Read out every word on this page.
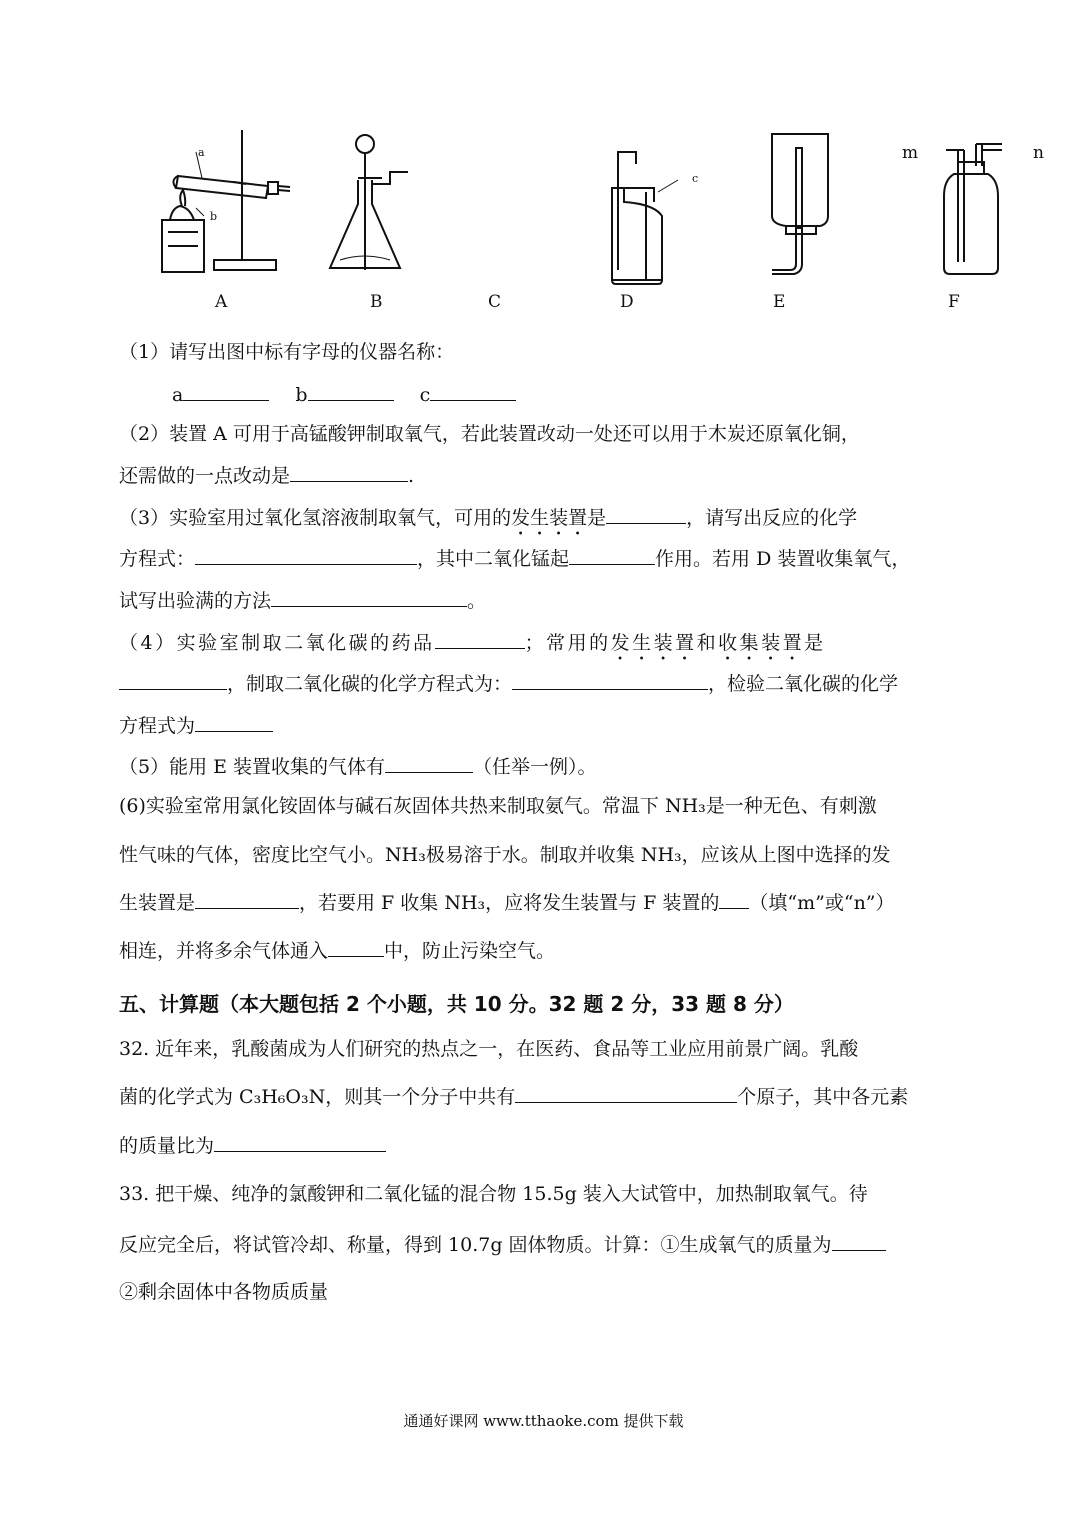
a
b
c
m	n
A	B	C	D	E	F
（1）请写出图中标有字母的仪器名称：
a	b	c
（2）装置 A 可用于高锰酸钾制取氧气，若此装置改动一处还可以用于木炭还原氧化铜，
还需做的一点改动是	.
（3）实验室用过氧化氢溶液制取氧气，可用的发生装置是	，请写出反应的化学
方程式：	，其中二氧化锰起	作用。若用 D 装置收集氧气，
试写出验满的方法	。
（4）实验室制取二氧化碳的药品	；常用的发生装置和收集装置是
，制取二氧化碳的化学方程式为：	，检验二氧化碳的化学
方程式为
（5）能用 E 装置收集的气体有	（任举一例）。
(6)实验室常用氯化铵固体与碱石灰固体共热来制取氨气。常温下 NH₃是一种无色、有刺激
性气味的气体，密度比空气小。NH₃极易溶于水。制取并收集 NH₃，应该从上图中选择的发
生装置是	，若要用 F 收集 NH₃，应将发生装置与 F 装置的 （填“m”或“n”）
相连，并将多余气体通入	中，防止污染空气。
五、计算题（本大题包括 2 个小题，共 10 分。32 题 2 分，33 题 8 分）
32. 近年来，乳酸菌成为人们研究的热点之一，在医药、食品等工业应用前景广阔。乳酸
菌的化学式为 C₃H₆O₃N，则其一个分子中共有	个原子，其中各元素
的质量比为
33. 把干燥、纯净的氯酸钾和二氧化锰的混合物 15.5g 装入大试管中，加热制取氧气。待
反应完全后，将试管冷却、称量，得到 10.7g 固体物质。计算：①生成氧气的质量为
②剩余固体中各物质质量
通通好课网 www.tthaoke.com 提供下载
